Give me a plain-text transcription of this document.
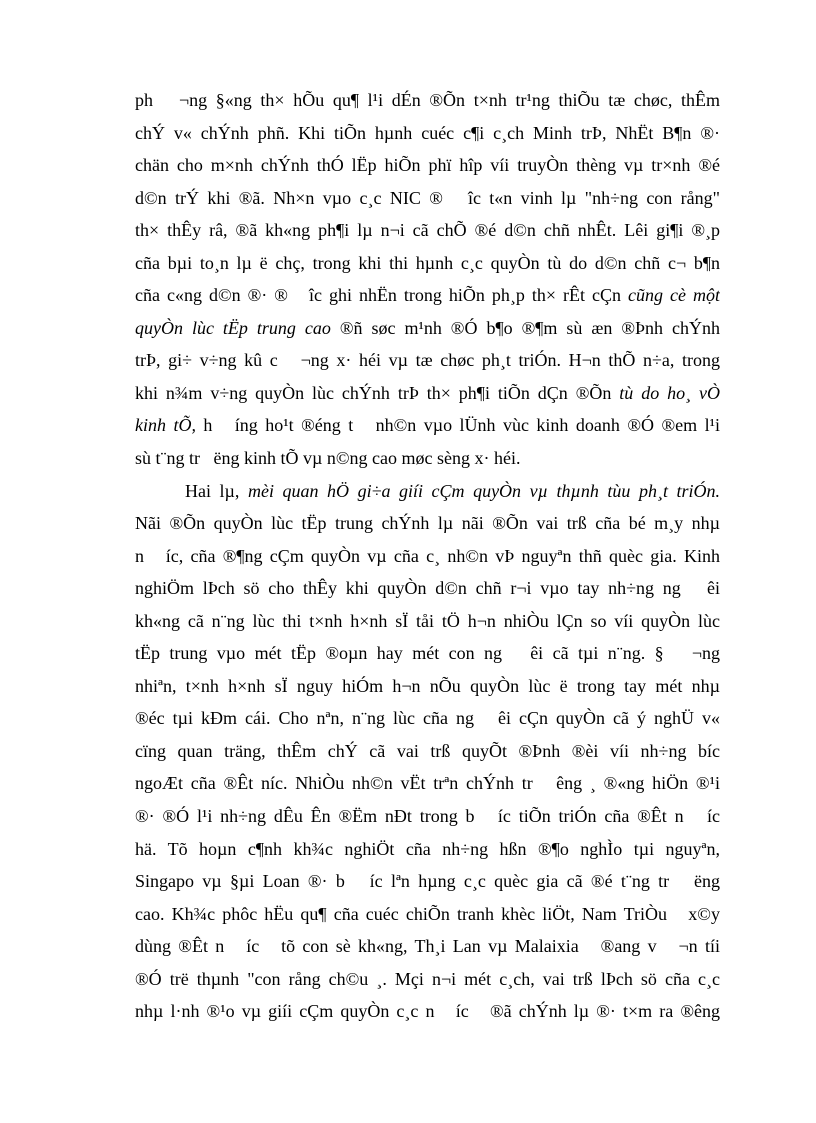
ph   ¬ng §«ng th× hÕu qu¶ l¹i dÉn ®Õn t×nh tr¹ng thiÕu tæ chøc, thÊm
chÝ v« chÝnh phñ. Khi tiÕn hµnh cuéc c¶i c¸ch Minh trÞ, NhËt B¶n ®·
chän cho m×nh chÝnh thÓ lËp hiÕn phï hîp víi truyÒn thèng vµ tr×nh ®é
d©n trÝ khi ®ã. Nh×n vµo c¸c NIC ®   îc t«n vinh lµ "nh÷ng con rång"
th× thÊy râ, ®ã kh«ng ph¶i lµ n¬i cã chÕ ®é d©n chñ nhÊt. Lêi gi¶i ®¸p
cña bµi to¸n lµ ë chç, trong khi thi hµnh c¸c quyÒn tù do d©n chñ c¬ b¶n
cña c«ng d©n ®· ®   îc ghi nhËn trong hiÕn ph¸p th× rÊt cÇn cũng cè một
quyÒn lùc tËp trung cao ®ñ søc m¹nh ®Ó b¶o ®¶m sù æn ®Þnh chÝnh
trÞ, gi÷ v÷ng kû c   ¬ng x· héi vµ tæ chøc ph¸t triÓn. H¬n thÕ n÷a, trong
khi n¾m v÷ng quyÒn lùc chÝnh trÞ th× ph¶i tiÕn dÇn ®Õn tù do ho¸ vÒ
kinh tÕ, h   íng ho¹t ®éng t   nh©n vµo lÜnh vùc kinh doanh ®Ó ®em l¹i
sù t¨ng tr   ëng kinh tÕ vµ n©ng cao møc sèng x· héi.
Hai lµ, mèi quan hÖ gi÷a giíi cÇm quyÒn vµ thµnh tùu ph¸t triÓn.
Nãi ®Õn quyÒn lùc tËp trung chÝnh lµ nãi ®Õn vai trß cña bé m¸y nhµ
n   íc, cña ®¶ng cÇm quyÒn vµ cña c¸ nh©n vÞ nguyªn thñ quèc gia. Kinh
nghiÖm lÞch sö cho thÊy khi quyÒn d©n chñ r¬i vµo tay nh÷ng ng   êi
kh«ng cã n¨ng lùc thi t×nh h×nh sÏ tåi tÖ h¬n nhiÒu lÇn so víi quyÒn lùc
tËp trung vµo mét tËp ®oµn hay mét con ng   êi cã tµi n¨ng. §   ¬ng
nhiªn, t×nh h×nh sÏ nguy hiÓm h¬n nÕu quyÒn lùc ë trong tay mét nhµ
®éc tµi kÐm cái. Cho nªn, n¨ng lùc cña ng   êi cÇn quyÒn cã ý nghÜ v«
cïng quan träng, thÊm chÝ cã vai trß quyÕt ®Þnh ®èi víi nh÷ng bíc
ngoÆt cña ®Êt níc. NhiÒu nh©n vËt trªn chÝnh tr   êng ¸ ®«ng hiÖn ®¹i
®· ®Ó l¹i nh÷ng dÊu Ên ®Ëm nÐt trong b   íc tiÕn triÓn cña ®Êt n   íc
hä. Tõ hoµn c¶nh kh¾c nghiÖt cña nh÷ng hßn ®¶o nghÌo tµi nguyªn,
Singapo vµ §µi Loan ®· b   íc lªn hµng c¸c quèc gia cã ®é t¨ng tr   ëng
cao. Kh¾c phôc hËu qu¶ cña cuéc chiÕn tranh khèc liÖt, Nam TriÒu   x©y
dùng ®Êt n   íc   tõ con sè kh«ng, Th¸i Lan vµ Malaixia   ®ang v   ¬n tíi
®Ó trë thµnh "con rång ch©u ¸. Mçi n¬i mét c¸ch, vai trß lÞch sö cña c¸c
nhµ l·nh ®¹o vµ giíi cÇm quyÒn c¸c n   íc   ®ã chÝnh lµ ®· t×m ra ®êng
